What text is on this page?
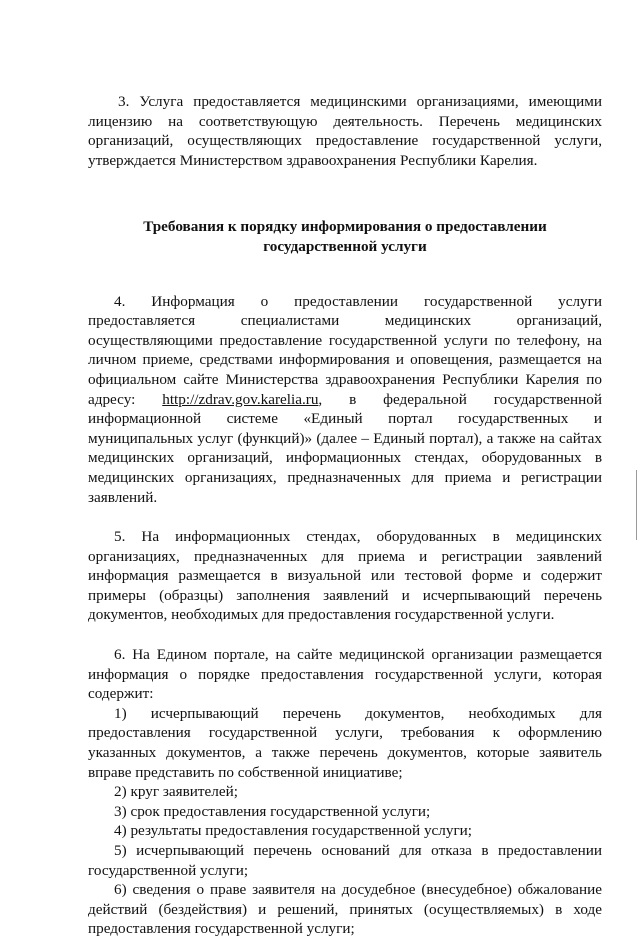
3. Услуга предоставляется медицинскими организациями, имеющими лицензию на соответствующую деятельность. Перечень медицинских организаций, осуществляющих предоставление государственной услуги, утверждается Министерством здравоохранения Республики Карелия.

Требования к порядку информирования о предоставлении
государственной услуги

4. Информация о предоставлении государственной услуги предоставляется специалистами медицинских организаций, осуществляющими предоставление государственной услуги по телефону, на личном приеме, средствами информирования и оповещения, размещается на официальном сайте Министерства здравоохранения Республики Карелия по адресу: http://zdrav.gov.karelia.ru, в федеральной государственной информационной системе «Единый портал государственных и муниципальных услуг (функций)» (далее – Единый портал), а также на сайтах медицинских организаций, информационных стендах, оборудованных в медицинских организациях, предназначенных для приема и регистрации заявлений.

5. На информационных стендах, оборудованных в медицинских организациях, предназначенных для приема и регистрации заявлений информация размещается в визуальной или тестовой форме и содержит примеры (образцы) заполнения заявлений и исчерпывающий перечень документов, необходимых для предоставления государственной услуги.

6. На Едином портале, на сайте медицинской организации размещается информация о порядке предоставления государственной услуги, которая содержит:

1) исчерпывающий перечень документов, необходимых для предоставления государственной услуги, требования к оформлению указанных документов, а также перечень документов, которые заявитель вправе представить по собственной инициативе;

2) круг заявителей;

3) срок предоставления государственной услуги;

4) результаты предоставления государственной услуги;

5) исчерпывающий перечень оснований для отказа в предоставлении государственной услуги;

6) сведения о праве заявителя на досудебное (внесудебное) обжалование действий (бездействия) и решений, принятых (осуществляемых) в ходе предоставления государственной услуги;
